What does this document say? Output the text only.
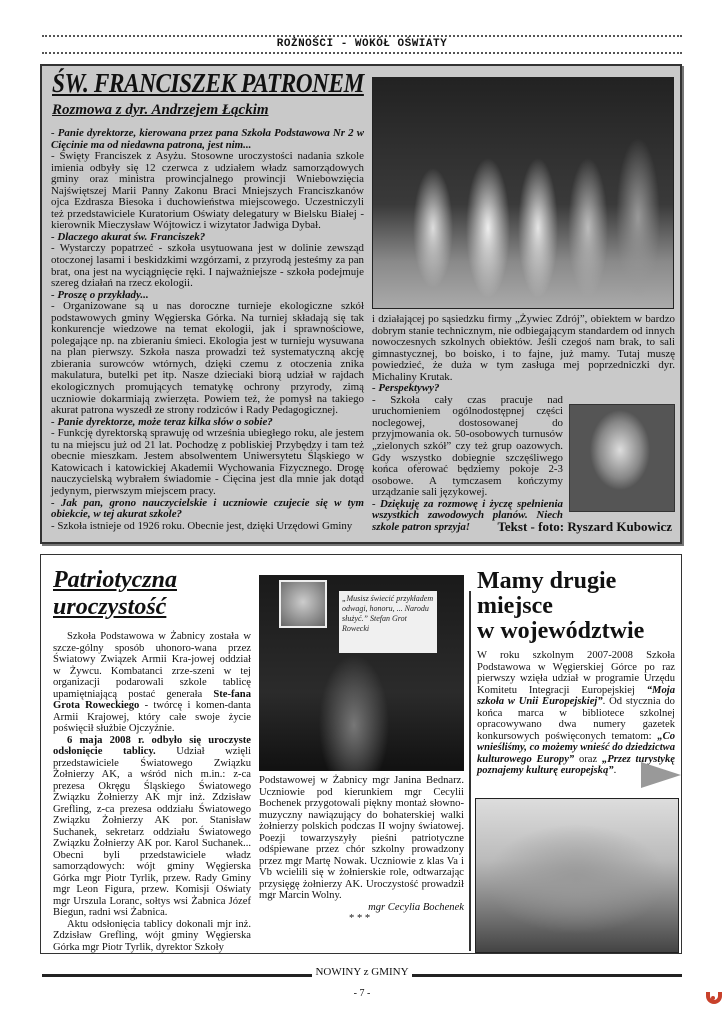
ROŻNOŚCI - WOKÓŁ OŚWIATY
ŚW. FRANCISZEK PATRONEM
Rozmowa z dyr. Andrzejem Łąckim

- Panie dyrektorze, kierowana przez pana Szkoła Podstawowa Nr 2 w Cięcinie ma od niedawna patrona, jest nim...

- Święty Franciszek z Asyżu. Stosowne uroczystości nadania szkole imienia odbyły się 12 czerwca z udziałem władz samorządowych gminy oraz ministra prowincjalnego prowincji Wniebowzięcia Najświętszej Marii Panny Zakonu Braci Mniejszych Franciszkanów ojca Ezdrasza Biesoka i duchowieństwa miejscowego. Uczestniczyli też przedstawiciele Kuratorium Oświaty delegatury w Bielsku Białej - kierownik Mieczysław Wójtowicz i wizytator Jadwiga Dybał.

- Dlaczego akurat św. Franciszek?

- Wystarczy popatrzeć - szkoła usytuowana jest w dolinie zewsząd otoczonej lasami i beskidzkimi wzgórzami, z przyrodą jesteśmy za pan brat, ona jest na wyciągnięcie ręki. I najważniejsze - szkoła podejmuje szereg działań na rzecz ekologii.

- Proszę o przykłady...

- Organizowane są u nas doroczne turnieje ekologiczne szkół podstawowych gminy Węgierska Górka. Na turniej składają się tak konkurencje wiedzowe na temat ekologii, jak i sprawnościowe, polegające np. na zbieraniu śmieci. Ekologia jest w turnieju wysuwana na plan pierwszy. Szkoła nasza prowadzi też systematyczną akcję zbierania surowców wtórnych, dzięki czemu z otoczenia znika makulatura, butelki pet itp. Nasze dzieciaki biorą udział w rajdach ekologicznych promujących tematykę ochrony przyrody, zimą uczniowie dokarmiają zwierzęta. Powiem też, że pomysł na takiego akurat patrona wyszedł ze strony rodziców i Rady Pedagogicznej.

- Panie dyrektorze, może teraz kilka słów o sobie?

- Funkcję dyrektorską sprawuję od września ubiegłego roku, ale jestem tu na miejscu już od 21 lat. Pochodzę z pobliskiej Przybędzy i tam też obecnie mieszkam. Jestem absolwentem Uniwersytetu Śląskiego w Katowicach i katowickiej Akademii Wychowania Fizycznego. Drogę nauczycielską wybrałem świadomie - Cięcina jest dla mnie jak dotąd jedynym, pierwszym miejscem pracy.

- Jak pan, grono nauczycielskie i uczniowie czujecie się w tym obiekcie, w tej akurat szkole?

- Szkoła istnieje od 1926 roku. Obecnie jest, dzięki Urzędowi Gminy

i działającej po sąsiedzku firmy „Żywiec Zdrój”, obiektem w bardzo dobrym stanie technicznym, nie odbiegającym standardem od innych nowoczesnych szkolnych obiektów. Jeśli czegoś nam brak, to sali gimnastycznej, bo boisko, i to fajne, już mamy. Tutaj muszę powiedzieć, że duża w tym zasługa mej poprzedniczki dyr. Michaliny Krutak.

- Perspektywy?

- Szkoła cały czas pracuje nad uruchomieniem ogólnodostępnej części noclegowej, dostosowanej do przyjmowania ok. 50-osobowych turnusów „zielonych szkół” czy też grup oazowych. Gdy wszystko dobiegnie szczęśliwego końca oferować będziemy pokoje 2-3 osobowe. A tymczasem kończymy urządzanie sali językowej.

- Dziękuję za rozmowę i życzę spełnienia wszystkich zawodowych planów. Niech szkole patron sprzyja!	Tekst - foto: Ryszard Kubowicz
Patriotyczna
uroczystość

Szkoła Podstawowa w Żabnicy została w szcze-gólny sposób uhonoro-wana przez Światowy Związek Armii Kra-jowej oddział w Żywcu. Kombatanci zrze-szeni w tej organizacji podarowali szkole tablicę upamiętniającą postać generała Ste-fana Grota Roweckiego - twórcę i komen-danta Armii Krajowej, który całe swoje życie poświęcił służbie Ojczyźnie.

6 maja 2008 r. odbyło się uroczyste odsłonięcie tablicy. Udział wzięli przedstawiciele Światowego Związku Żołnierzy AK, a wśród nich m.in.: z-ca prezesa Okręgu Śląskiego Światowego Związku Żołnierzy AK mjr inż. Zdzisław Grefling, z-ca prezesa oddziału Światowego Związku Żołnierzy AK por. Stanisław Suchanek, sekretarz oddziału Światowego Związku Żołnierzy AK por. Karol Suchanek... Obecni byli przedstawiciele władz samorządowych: wójt gminy Węgierska Górka mgr Piotr Tyrlik, przew. Rady Gminy mgr Leon Figura, przew. Komisji Oświaty mgr Urszula Loranc, sołtys wsi Żabnica Józef Biegun, radni wsi Żabnica.

Aktu odsłonięcia tablicy dokonali mjr inż. Zdzisław Grefling, wójt gminy Węgierska Górka mgr Piotr Tyrlik, dyrektor Szkoły

„Musisz świecić przykładem odwagi, honoru, ... Narodu służyć.” Stefan Grot Rowecki
Podstawowej w Żabnicy mgr Janina Bednarz. Uczniowie pod kierunkiem mgr Cecylii Bochenek przygotowali piękny montaż słowno-muzyczny nawiązujący do bohaterskiej walki żołnierzy polskich podczas II wojny światowej. Poezji towarzyszyły pieśni patriotyczne odśpiewane przez chór szkolny prowadzony przez mgr Martę Nowak. Uczniowie z klas Va i Vb wcielili się w żołnierskie role, odtwarzając przysięgę żołnierzy AK. Uroczystość prowadził mgr Marcin Wolny.
mgr Cecylia Bochenek
* * *
Mamy drugie
miejsce
w województwie
W roku szkolnym 2007-2008 Szkoła Podstawowa w Węgierskiej Górce po raz pierwszy wzięła udział w programie Urzędu Komitetu Integracji Europejskiej “Moja szkoła w Unii Europejskiej”. Od stycznia do końca marca w bibliotece szkolnej opracowywano dwa numery gazetek konkursowych poświęconych tematom: „Co wnieśliśmy, co możemy wnieść do dziedzictwa kulturowego Europy” oraz „Przez turystykę poznajemy kulturę europejską”.
NOWINY z GMINY
- 7 -
